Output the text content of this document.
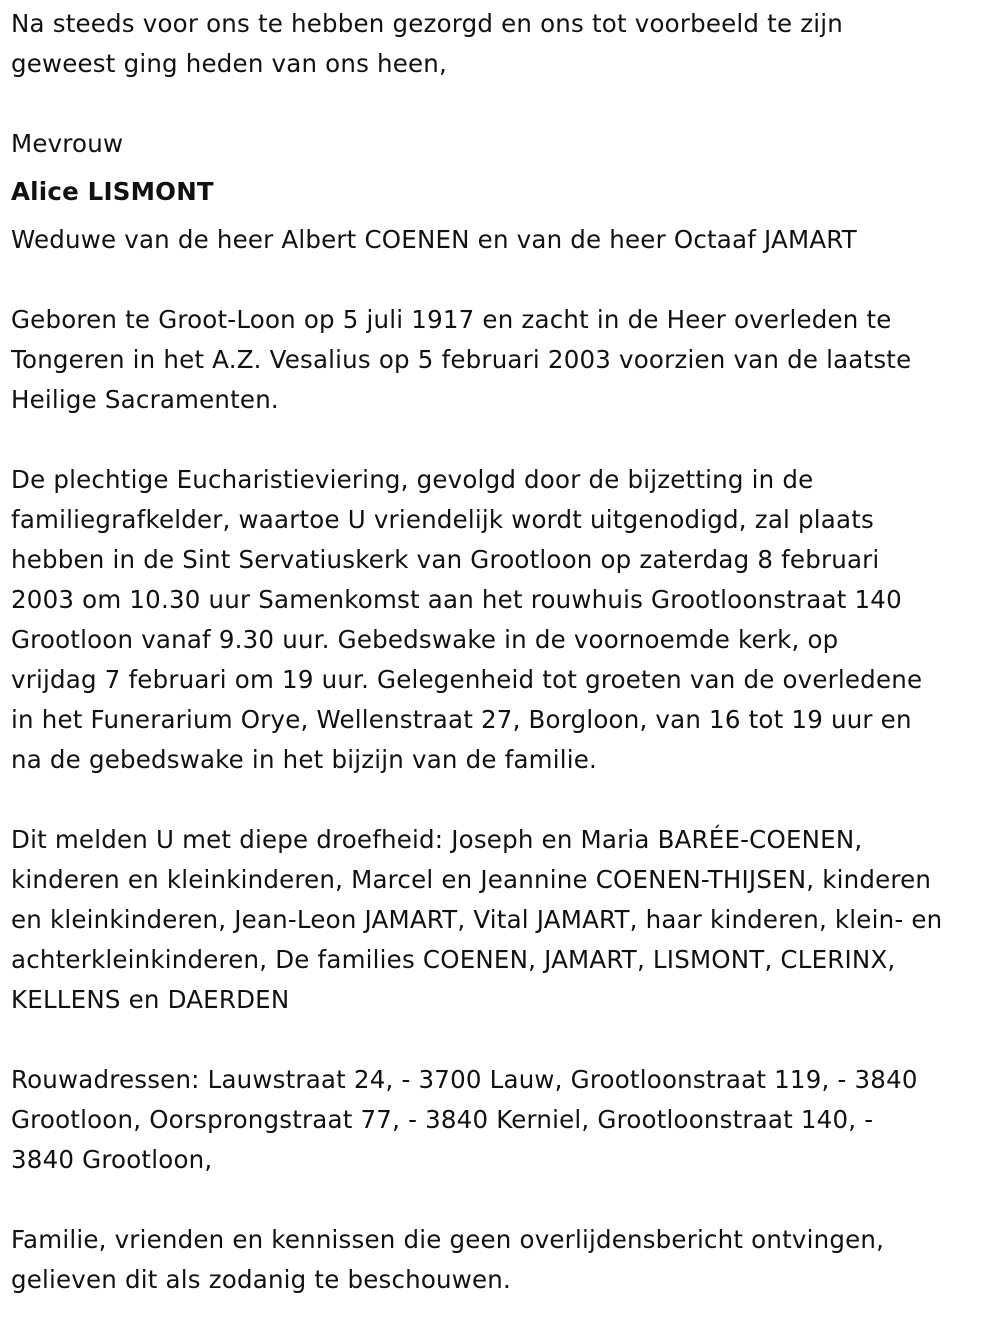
Na steeds voor ons te hebben gezorgd en ons tot voorbeeld te zijn
geweest ging heden van ons heen,

Mevrouw

Alice LISMONT

Weduwe van de heer Albert COENEN en van de heer Octaaf JAMART

Geboren te Groot-Loon op 5 juli 1917 en zacht in de Heer overleden te
Tongeren in het A.Z. Vesalius op 5 februari 2003 voorzien van de laatste
Heilige Sacramenten.

De plechtige Eucharistieviering, gevolgd door de bijzetting in de
familiegrafkelder, waartoe U vriendelijk wordt uitgenodigd, zal plaats
hebben in de Sint Servatiuskerk van Grootloon op zaterdag 8 februari
2003 om 10.30 uur Samenkomst aan het rouwhuis Grootloonstraat 140
Grootloon vanaf 9.30 uur. Gebedswake in de voornoemde kerk, op
vrijdag 7 februari om 19 uur. Gelegenheid tot groeten van de overledene
in het Funerarium Orye, Wellenstraat 27, Borgloon, van 16 tot 19 uur en
na de gebedswake in het bijzijn van de familie.

Dit melden U met diepe droefheid: Joseph en Maria BARÉE-COENEN,
kinderen en kleinkinderen, Marcel en Jeannine COENEN-THIJSEN, kinderen
en kleinkinderen, Jean-Leon JAMART, Vital JAMART, haar kinderen, klein- en
achterkleinkinderen, De families COENEN, JAMART, LISMONT, CLERINX,
KELLENS en DAERDEN

Rouwadressen: Lauwstraat 24, - 3700 Lauw, Grootloonstraat 119, - 3840
Grootloon, Oorsprongstraat 77, - 3840 Kerniel, Grootloonstraat 140, -
3840 Grootloon,

Familie, vrienden en kennissen die geen overlijdensbericht ontvingen,
gelieven dit als zodanig te beschouwen.
